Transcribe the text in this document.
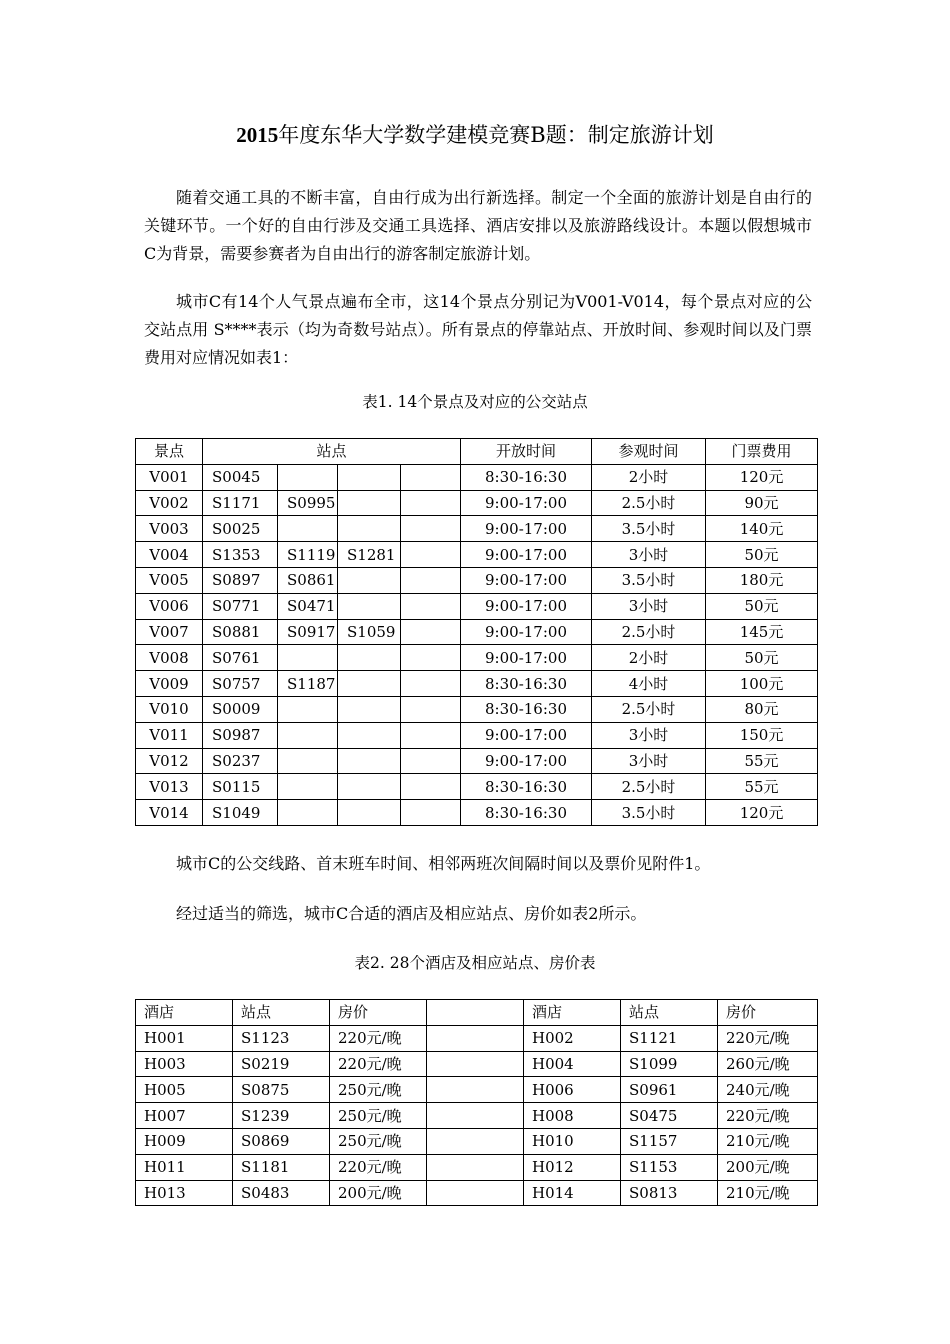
2015年度东华大学数学建模竞赛B题：制定旅游计划

随着交通工具的不断丰富，自由行成为出行新选择。制定一个全面的旅游计划是自由行的关键环节。一个好的自由行涉及交通工具选择、酒店安排以及旅游路线设计。本题以假想城市C为背景，需要参赛者为自由出行的游客制定旅游计划。

城市C有14个人气景点遍布全市，这14个景点分别记为V001-V014，每个景点对应的公交站点用 S****表示（均为奇数号站点）。所有景点的停靠站点、开放时间、参观时间以及门票费用对应情况如表1：

表1. 14个景点及对应的公交站点
景点	站点				开放时间	参观时间	门票费用
V001	S0045				8:30-16:30	2小时	120元
V002	S1171	S0995			9:00-17:00	2.5小时	90元
V003	S0025				9:00-17:00	3.5小时	140元
V004	S1353	S1119	S1281		9:00-17:00	3小时	50元
V005	S0897	S0861			9:00-17:00	3.5小时	180元
V006	S0771	S0471			9:00-17:00	3小时	50元
V007	S0881	S0917	S1059		9:00-17:00	2.5小时	145元
V008	S0761				9:00-17:00	2小时	50元
V009	S0757	S1187			8:30-16:30	4小时	100元
V010	S0009				8:30-16:30	2.5小时	80元
V011	S0987				9:00-17:00	3小时	150元
V012	S0237				9:00-17:00	3小时	55元
V013	S0115				8:30-16:30	2.5小时	55元
V014	S1049				8:30-16:30	3.5小时	120元

城市C的公交线路、首末班车时间、相邻两班次间隔时间以及票价见附件1。

经过适当的筛选，城市C合适的酒店及相应站点、房价如表2所示。

表2. 28个酒店及相应站点、房价表
酒店	站点	房价		酒店	站点	房价
H001	S1123	220元/晚		H002	S1121	220元/晚
H003	S0219	220元/晚		H004	S1099	260元/晚
H005	S0875	250元/晚		H006	S0961	240元/晚
H007	S1239	250元/晚		H008	S0475	220元/晚
H009	S0869	250元/晚		H010	S1157	210元/晚
H011	S1181	220元/晚		H012	S1153	200元/晚
H013	S0483	200元/晚		H014	S0813	210元/晚
